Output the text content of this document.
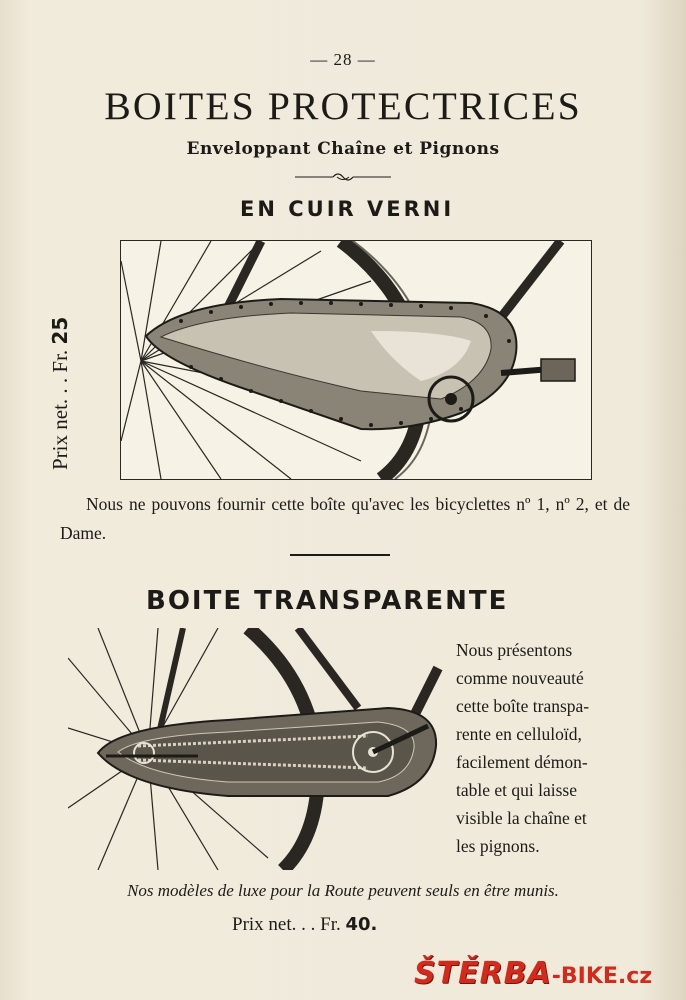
— 28 —
BOITES PROTECTRICES
Enveloppant Chaîne et Pignons
EN CUIR VERNI
Prix net. . . Fr. 25
Nous ne pouvons fournir cette boîte qu'avec les bicyclettes nº 1, nº 2, et de Dame.
BOITE TRANSPARENTE
Nous présentons
comme nouveauté
cette boîte transpa-
rente en celluloïd,
facilement démon-
table et qui laisse
visible la chaîne et
les pignons.
Nos modèles de luxe pour la Route peuvent seuls en être munis.
Prix net. . . Fr. 40.
ŠTĚRBA-BIKE.cz
